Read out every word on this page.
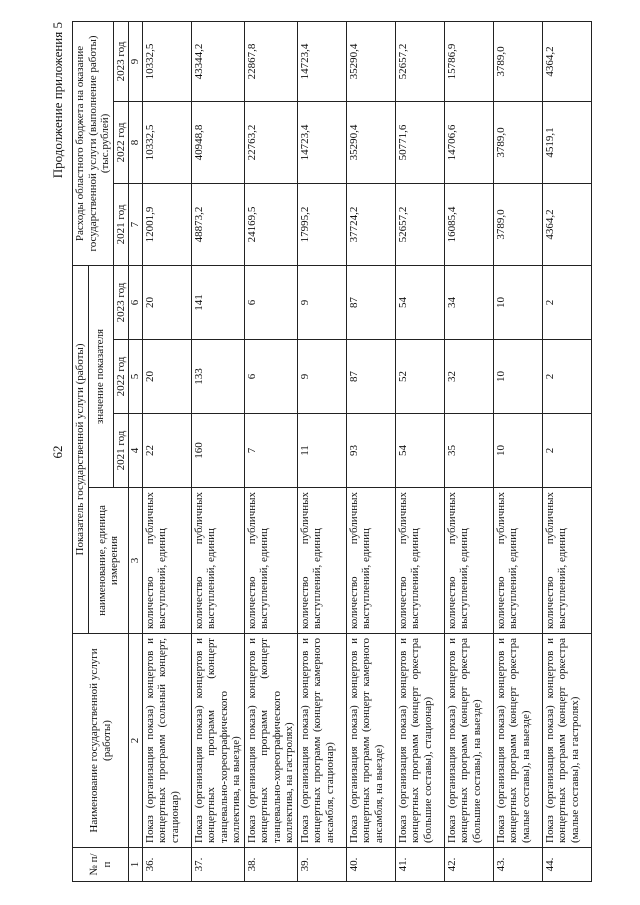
62
Продолжение приложения 5
№ п/п	Наименование государственной услуги (работы)	Показатель государственной услуги (работы)				Расходы областного бюджета на оказание государственной услуги (выполнение работы) (тыс.рублей)		
		наименование, единица измерения	значение показателя					
			2021 год	2022 год	2023 год	2021 год	2022 год	2023 год
1	2	3	4	5	6	7	8	9
36.	Показ (организация показа) концертов и концертных программ (сольный концерт, стационар)	количество публичных выступлений, единиц	22	20	20	12001,9	10332,5	10332,5
37.	Показ (организация показа) концертов и концертных программ (концерт танцевально-хореографического коллектива, на выезде)	количество публичных выступлений, единиц	160	133	141	48873,2	40948,8	43344,2
38.	Показ (организация показа) концертов и концертных программ (концерт танцевально-хореографического коллектива, на гастролях)	количество публичных выступлений, единиц	7	6	6	24169,5	22763,2	22867,8
39.	Показ (организация показа) концертов и концертных программ (концерт камерного ансамбля, стационар)	количество публичных выступлений, единиц	11	9	9	17995,2	14723,4	14723,4
40.	Показ (организация показа) концертов и концертных программ (концерт камерного ансамбля, на выезде)	количество публичных выступлений, единиц	93	87	87	37724,2	35290,4	35290,4
41.	Показ (организация показа) концертов и концертных программ (концерт оркестра (большие составы), стационар)	количество публичных выступлений, единиц	54	52	54	52657,2	50771,6	52657,2
42.	Показ (организация показа) концертов и концертных программ (концерт оркестра (большие составы), на выезде)	количество публичных выступлений, единиц	35	32	34	16085,4	14706,6	15786,9
43.	Показ (организация показа) концертов и концертных программ (концерт оркестра (малые составы), на выезде)	количество публичных выступлений, единиц	10	10	10	3789,0	3789,0	3789,0
44.	Показ (организация показа) концертов и концертных программ (концерт оркестра (малые составы), на гастролях)	количество публичных выступлений, единиц	2	2	2	4364,2	4519,1	4364,2
